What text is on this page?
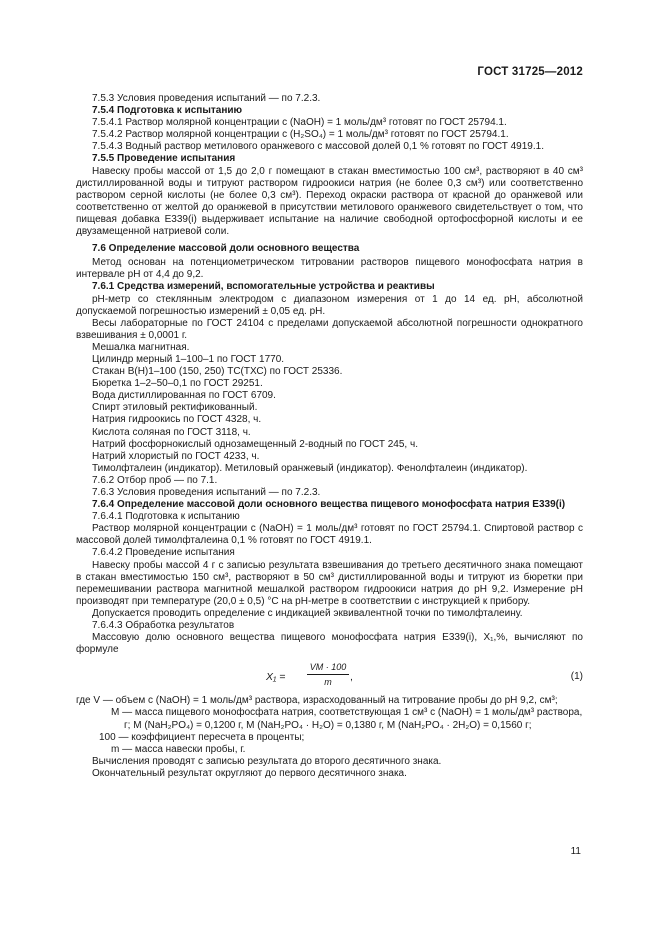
ГОСТ 31725—2012

7.5.3 Условия проведения испытаний — по 7.2.3.

7.5.4 Подготовка к испытанию

7.5.4.1 Раствор молярной концентрации с (NaOH) = 1 моль/дм³ готовят по ГОСТ 25794.1.

7.5.4.2 Раствор молярной концентрации с (H₂SO₄) = 1 моль/дм³ готовят по ГОСТ 25794.1.

7.5.4.3 Водный раствор метилового оранжевого с массовой долей 0,1 % готовят по ГОСТ 4919.1.

7.5.5 Проведение испытания

Навеску пробы массой от 1,5 до 2,0 г помещают в стакан вместимостью 100 см³, растворяют в 40 см³ дистиллированной воды и титруют раствором гидроокиси натрия (не более 0,3 см³) или соответственно раствором серной кислоты (не более 0,3 см³). Переход окраски раствора от красной до оранжевой или соответственно от желтой до оранжевой в присутствии метилового оранжевого свидетельствует о том, что пищевая добавка Е339(i) выдерживает испытание на наличие свободной ортофосфорной кислоты и ее двузамещенной натриевой соли.

7.6 Определение массовой доли основного вещества

Метод основан на потенциометрическом титровании растворов пищевого монофосфата натрия в интервале pH от 4,4 до 9,2.

7.6.1 Средства измерений, вспомогательные устройства и реактивы

pH-метр со стеклянным электродом с диапазоном измерения от 1 до 14 ед. pH, абсолютной допускаемой погрешностью измерений ± 0,05 ед. pH.

Весы лабораторные по ГОСТ 24104 с пределами допускаемой абсолютной погрешности однократного взвешивания ± 0,0001 г.

Мешалка магнитная.

Цилиндр мерный 1–100–1 по ГОСТ 1770.

Стакан В(Н)1–100 (150, 250) ТС(ТХС) по ГОСТ 25336.

Бюретка 1–2–50–0,1 по ГОСТ 29251.

Вода дистиллированная по ГОСТ 6709.

Спирт этиловый ректификованный.

Натрия гидроокись по ГОСТ 4328, ч.

Кислота соляная по ГОСТ 3118, ч.

Натрий фосфорнокислый однозамещенный 2-водный по ГОСТ 245, ч.

Натрий хлористый по ГОСТ 4233, ч.

Тимолфталеин (индикатор). Метиловый оранжевый (индикатор). Фенолфталеин (индикатор).

7.6.2 Отбор проб — по 7.1.

7.6.3 Условия проведения испытаний — по 7.2.3.

7.6.4 Определение массовой доли основного вещества пищевого монофосфата натрия Е339(i)

7.6.4.1 Подготовка к испытанию

Раствор молярной концентрации с (NaOH) = 1 моль/дм³ готовят по ГОСТ 25794.1. Спиртовой раствор с массовой долей тимолфталеина 0,1 % готовят по ГОСТ 4919.1.

7.6.4.2 Проведение испытания

Навеску пробы массой 4 г с записью результата взвешивания до третьего десятичного знака помещают в стакан вместимостью 150 см³, растворяют в 50 см³ дистиллированной воды и титруют из бюретки при перемешивании раствора магнитной мешалкой раствором гидроокиси натрия до pH 9,2. Измерение pH производят при температуре (20,0 ± 0,5) °С на pH-метре в соответствии с инструкцией к прибору.

Допускается проводить определение с индикацией эквивалентной точки по тимолфталеину.

7.6.4.3 Обработка результатов

Массовую долю основного вещества пищевого монофосфата натрия Е339(i), X₁,%, вычисляют по формуле

$X_1 = \frac{VM \cdot 100}{m}$ ,	(1)

где V — объем с (NaOH) = 1 моль/дм³ раствора, израсходованный на титрование пробы до pH 9,2, см³;

M — масса пищевого монофосфата натрия, соответствующая 1 см³ с (NaOH) = 1 моль/дм³ раствора,

г; M (NaH₂PO₄) = 0,1200 г, M (NaH₂PO₄ · H₂O) = 0,1380 г, M (NaH₂PO₄ · 2H₂O) = 0,1560 г;

100 — коэффициент пересчета в проценты;

m — масса навески пробы, г.

Вычисления проводят с записью результата до второго десятичного знака.

Окончательный результат округляют до первого десятичного знака.

11
